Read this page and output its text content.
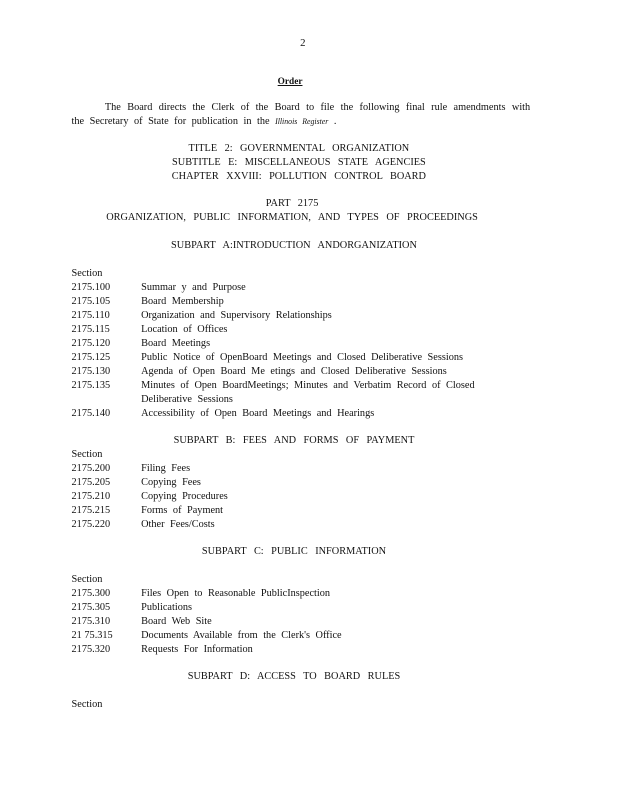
2
Order
The Board directs the Clerk of the Board to file the following final rule amendments with the Secretary of State for publication in the Illinois Register .
TITLE 2: GOVERNMENTAL ORGANIZATION
SUBTITLE E: MISCELLANEOUS STATE AGENCIES
CHAPTER XXVIII: POLLUTION CONTROL BOARD
PART 2175
ORGANIZATION, PUBLIC INFORMATION, AND TYPES OF PROCEEDINGS
SUBPART A:INTRODUCTION ANDORGANIZATION
Section
2175.100	Summar y and Purpose
2175.105	Board Membership
2175.110	Organization and Supervisory Relationships
2175.115	Location of Offices
2175.120	Board Meetings
2175.125	Public Notice of OpenBoard Meetings and Closed Deliberative Sessions
2175.130	Agenda of Open Board Me etings and Closed Deliberative Sessions
2175.135	Minutes of Open BoardMeetings; Minutes and Verbatim Record of Closed Deliberative Sessions
2175.140	Accessibility of Open Board Meetings and Hearings
SUBPART B: FEES AND FORMS OF PAYMENT
Section
2175.200	Filing Fees
2175.205	Copying Fees
2175.210	Copying Procedures
2175.215	Forms of Payment
2175.220	Other Fees/Costs
SUBPART C: PUBLIC INFORMATION
Section
2175.300	Files Open to Reasonable PublicInspection
2175.305	Publications
2175.310	Board Web Site
21 75.315	Documents Available from the Clerk's Office
2175.320	Requests For Information
SUBPART D: ACCESS TO BOARD RULES
Section
